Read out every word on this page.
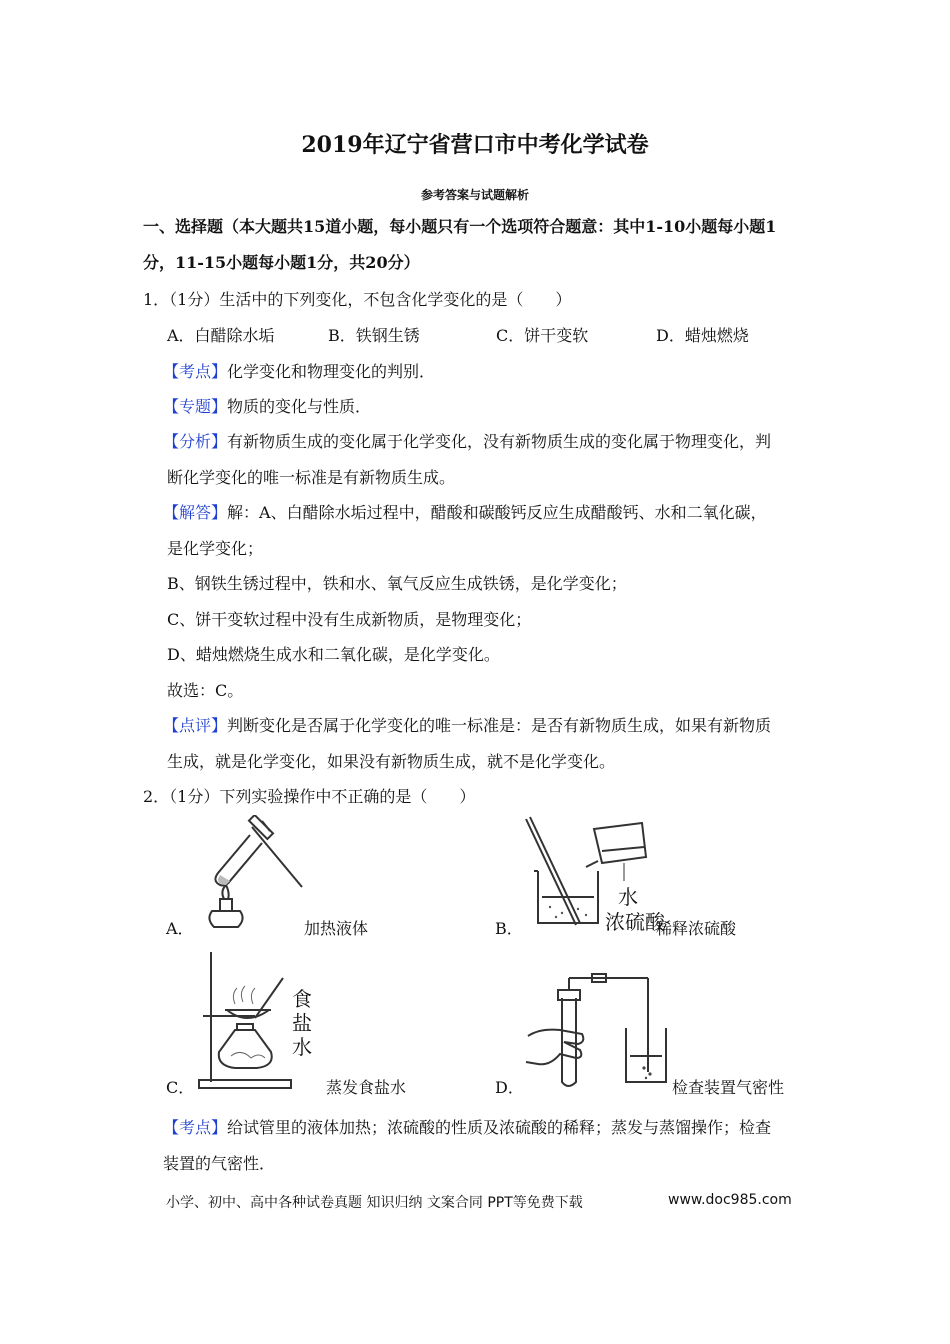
2019年辽宁省营口市中考化学试卷
参考答案与试题解析
一、选择题（本大题共15道小题，每小题只有一个选项符合题意：其中1-10小题每小题1
分，11-15小题每小题1分，共20分）
1．（1分）生活中的下列变化，不包含化学变化的是（　　）
A．白醋除水垢	B．铁钢生锈	C．饼干变软	D．蜡烛燃烧
【考点】化学变化和物理变化的判别．
【专题】物质的变化与性质．
【分析】有新物质生成的变化属于化学变化，没有新物质生成的变化属于物理变化，判
断化学变化的唯一标准是有新物质生成。
【解答】解：A、白醋除水垢过程中，醋酸和碳酸钙反应生成醋酸钙、水和二氧化碳，
是化学变化；
B、钢铁生锈过程中，铁和水、氧气反应生成铁锈，是化学变化；
C、饼干变软过程中没有生成新物质，是物理变化；
D、蜡烛燃烧生成水和二氧化碳，是化学变化。
故选：C。
【点评】判断变化是否属于化学变化的唯一标准是：是否有新物质生成，如果有新物质
生成，就是化学变化，如果没有新物质生成，就不是化学变化。
2．（1分）下列实验操作中不正确的是（　　）
A．	加热液体
水
浓硫酸
B．	稀释浓硫酸
食
盐
水
C．	蒸发食盐水	D．	检查装置气密性
【考点】给试管里的液体加热；浓硫酸的性质及浓硫酸的稀释；蒸发与蒸馏操作；检查
装置的气密性．
小学、初中、高中各种试卷真题 知识归纳 文案合同 PPT等免费下载	www.doc985.com
